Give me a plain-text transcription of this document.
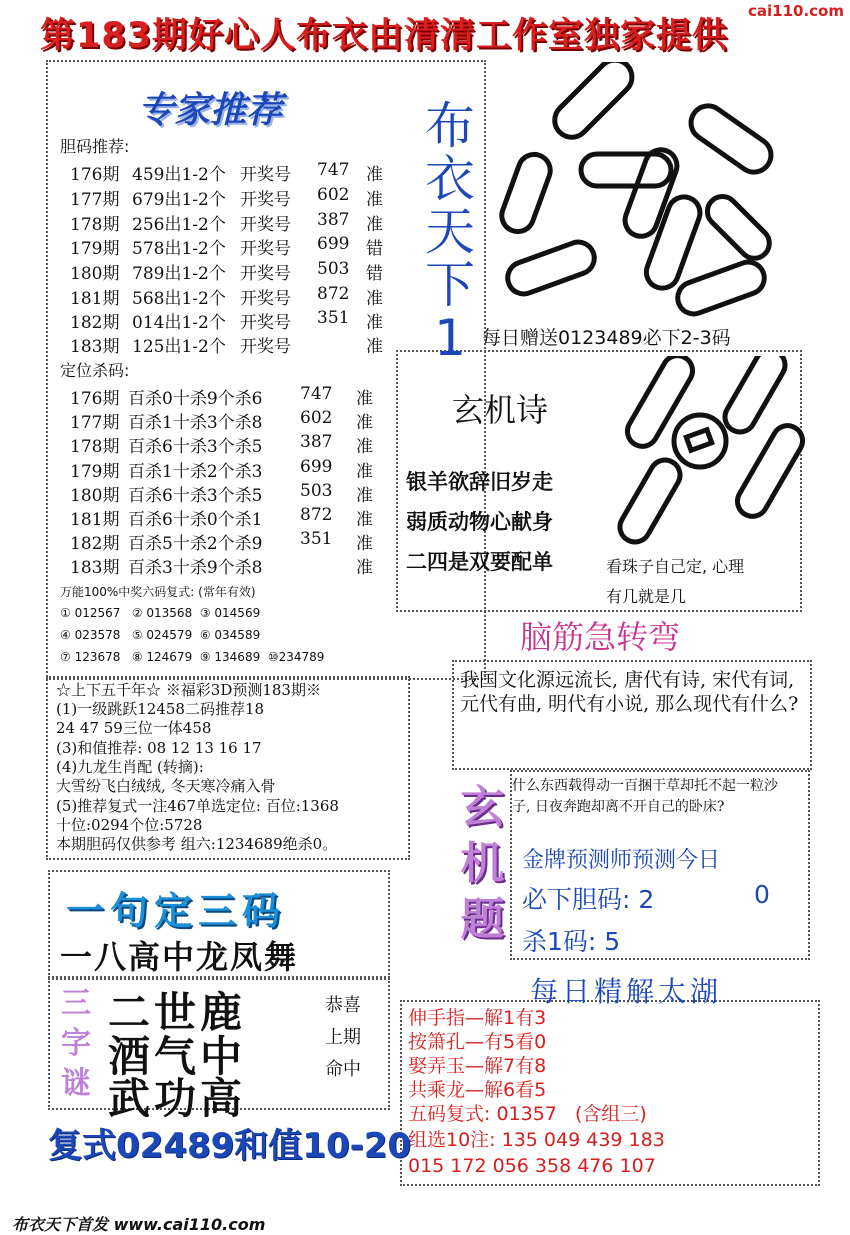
第183期好心人布衣由清清工作室独家提供
cai110.com
专家推荐
胆码推荐:
176期 459出1-2个 开奖号 747 准
177期 679出1-2个 开奖号 602 准
178期 256出1-2个 开奖号 387 准
179期 578出1-2个 开奖号 699 错
180期 789出1-2个 开奖号 503 错
181期 568出1-2个 开奖号 872 准
182期 014出1-2个 开奖号 351 准
183期 125出1-2个 开奖号	准
定位杀码:
176期 百杀0十杀9个杀6 747 准
177期 百杀1十杀3个杀8 602 准
178期 百杀6十杀3个杀5 387 准
179期 百杀1十杀2个杀3 699 准
180期 百杀6十杀3个杀5 503 准
181期 百杀6十杀0个杀1 872 准
182期 百杀5十杀2个杀9 351 准
183期 百杀3十杀9个杀8	准
万能100%中奖六码复式: (常年有效)
① 012567   ② 013568  ③ 014569
④ 023578   ⑤ 024579  ⑥ 034589
⑦ 123678   ⑧ 124679  ⑨ 134689  ⑩234789
☆上下五千年☆ ※福彩3D预测183期※
(1)一级跳跃12458二码推荐18
24 47 59三位一体458
(3)和值推荐: 08 12 13 16 17
(4)九龙生肖配 (转摘):
大雪纷飞白绒绒, 冬天寒冷痛入骨
(5)推荐复式一注467单选定位: 百位:1368
十位:0294个位:5728
本期胆码仅供参考 组六:1234689绝杀0。
布
衣
天
下
1 每日赠送0123489必下2-3码
玄机诗
银羊欲辞旧岁走
弱质动物心献身
二四是双要配单	看珠子自己定, 心理
有几就是几
脑筋急转弯
我国文化源远流长, 唐代有诗, 宋代有词, 元代有曲, 明代有小说, 那么现代有什么?
玄
机
题
什么东西载得动一百捆干草却托不起一粒沙子, 日夜奔跑却离不开自己的卧床?
金牌预测师预测今日
必下胆码: 2	0
杀1码: 5
每日精解太湖
伸手指—解1有3
按箫孔—有5看0
娶弄玉—解7有8
共乘龙—解6看5
五码复式: 01357   (含组三)
组选10注: 135 049 439 183
015 172 056 358 476 107
一句定三码
一八高中龙凤舞
三
字
谜
二世鹿
酒气中
武功高
恭喜
上期
命中
复式02489和值10-20
布衣天下首发 www.cai110.com
